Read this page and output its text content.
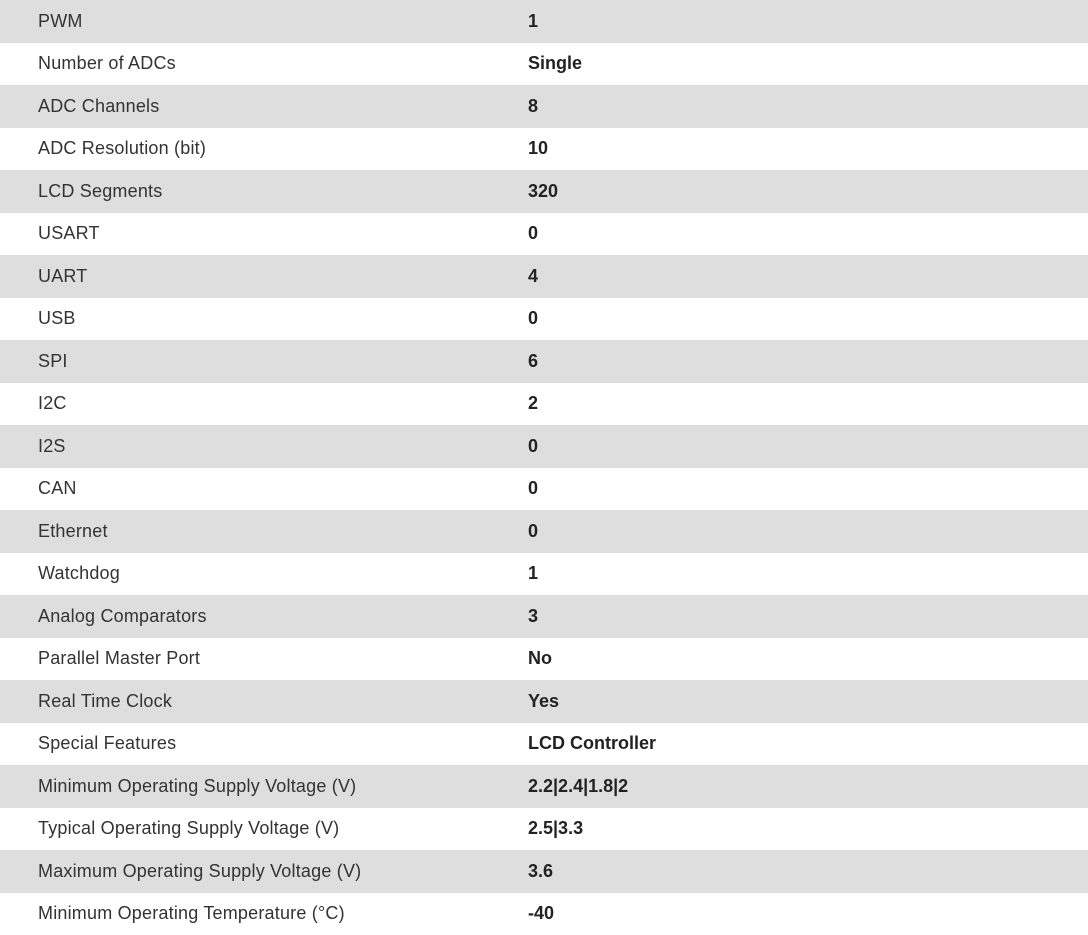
PWM	1
Number of ADCs	Single
ADC Channels	8
ADC Resolution (bit)	10
LCD Segments	320
USART	0
UART	4
USB	0
SPI	6
I2C	2
I2S	0
CAN	0
Ethernet	0
Watchdog	1
Analog Comparators	3
Parallel Master Port	No
Real Time Clock	Yes
Special Features	LCD Controller
Minimum Operating Supply Voltage (V)	2.2|2.4|1.8|2
Typical Operating Supply Voltage (V)	2.5|3.3
Maximum Operating Supply Voltage (V)	3.6
Minimum Operating Temperature (°C)	-40
